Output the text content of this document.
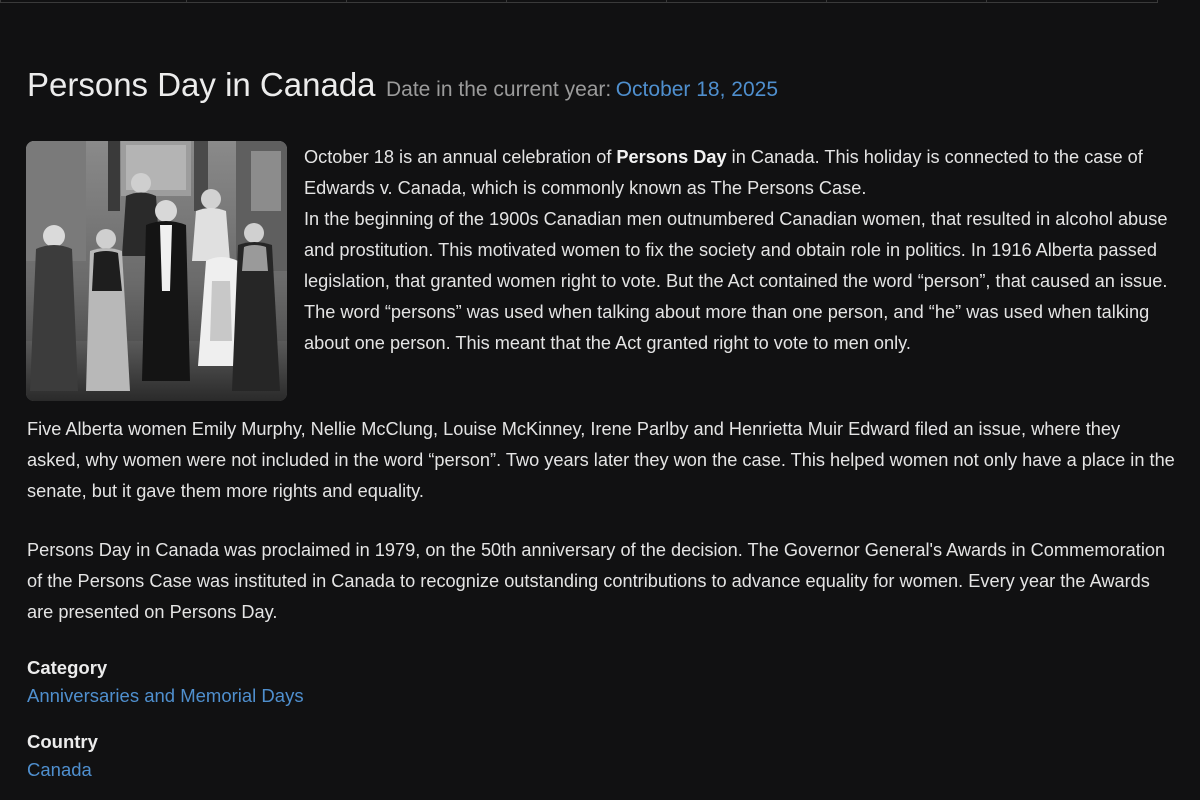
Persons Day in Canada Date in the current year: October 18, 2025

October 18 is an annual celebration of Persons Day in Canada. This holiday is connected to the case of Edwards v. Canada, which is commonly known as The Persons Case.

In the beginning of the 1900s Canadian men outnumbered Canadian women, that resulted in alcohol abuse and prostitution. This motivated women to fix the society and obtain role in politics. In 1916 Alberta passed legislation, that granted women right to vote. But the Act contained the word “person”, that caused an issue. The word “persons” was used when talking about more than one person, and “he” was used when talking about one person. This meant that the Act granted right to vote to men only.

Five Alberta women Emily Murphy, Nellie McClung, Louise McKinney, Irene Parlby and Henrietta Muir Edward filed an issue, where they asked, why women were not included in the word “person”. Two years later they won the case. This helped women not only have a place in the senate, but it gave them more rights and equality.

Persons Day in Canada was proclaimed in 1979, on the 50th anniversary of the decision. The Governor General's Awards in Commemoration of the Persons Case was instituted in Canada to recognize outstanding contributions to advance equality for women. Every year the Awards are presented on Persons Day.

Category
Anniversaries and Memorial Days
Country
Canada
